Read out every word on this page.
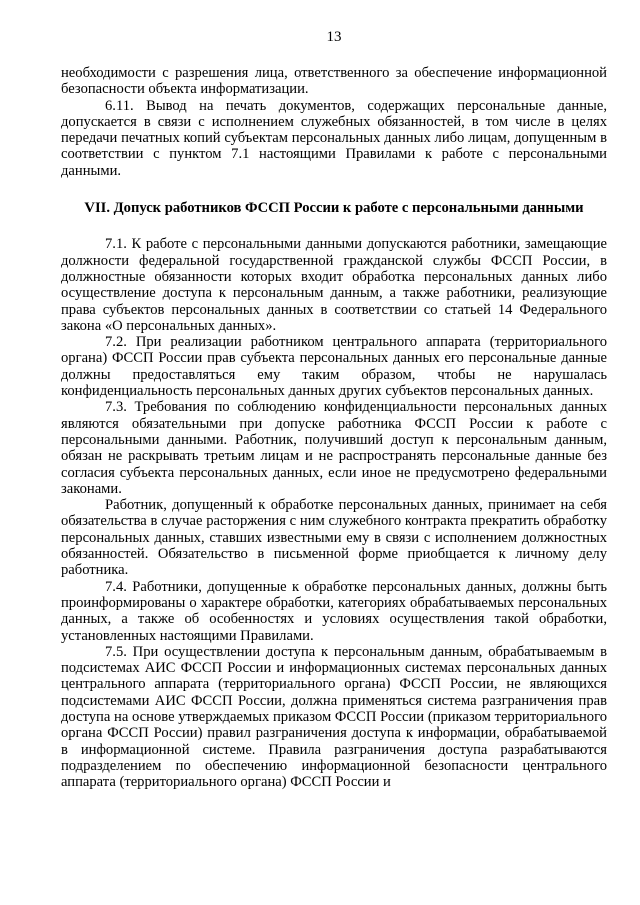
13

необходимости с разрешения лица, ответственного за обеспечение информационной безопасности объекта информатизации.

6.11. Вывод на печать документов, содержащих персональные данные, допускается в связи с исполнением служебных обязанностей, в том числе в целях передачи печатных копий субъектам персональных данных либо лицам, допущенным в соответствии с пунктом 7.1 настоящими Правилами к работе с персональными данными.

VII. Допуск работников ФССП России к работе с персональными данными

7.1. К работе с персональными данными допускаются работники, замещающие должности федеральной государственной гражданской службы ФССП России, в должностные обязанности которых входит обработка персональных данных либо осуществление доступа к персональным данным, а также работники, реализующие права субъектов персональных данных в соответствии со статьей 14 Федерального закона «О персональных данных».

7.2. При реализации работником центрального аппарата (территориального органа) ФССП России прав субъекта персональных данных его персональные данные должны предоставляться ему таким образом, чтобы не нарушалась конфиденциальность персональных данных других субъектов персональных данных.

7.3. Требования по соблюдению конфиденциальности персональных данных являются обязательными при допуске работника ФССП России к работе с персональными данными. Работник, получивший доступ к персональным данным, обязан не раскрывать третьим лицам и не распространять персональные данные без согласия субъекта персональных данных, если иное не предусмотрено федеральными законами.

Работник, допущенный к обработке персональных данных, принимает на себя обязательства в случае расторжения с ним служебного контракта прекратить обработку персональных данных, ставших известными ему в связи с исполнением должностных обязанностей. Обязательство в письменной форме приобщается к личному делу работника.

7.4. Работники, допущенные к обработке персональных данных, должны быть проинформированы о характере обработки, категориях обрабатываемых персональных данных, а также об особенностях и условиях осуществления такой обработки, установленных настоящими Правилами.

7.5. При осуществлении доступа к персональным данным, обрабатываемым в подсистемах АИС ФССП России и информационных системах персональных данных центрального аппарата (территориального органа) ФССП России, не являющихся подсистемами АИС ФССП России, должна применяться система разграничения прав доступа на основе утверждаемых приказом ФССП России (приказом территориального органа ФССП России) правил разграничения доступа к информации, обрабатываемой в информационной системе. Правила разграничения доступа разрабатываются подразделением по обеспечению информационной безопасности центрального аппарата (территориального органа) ФССП России и
